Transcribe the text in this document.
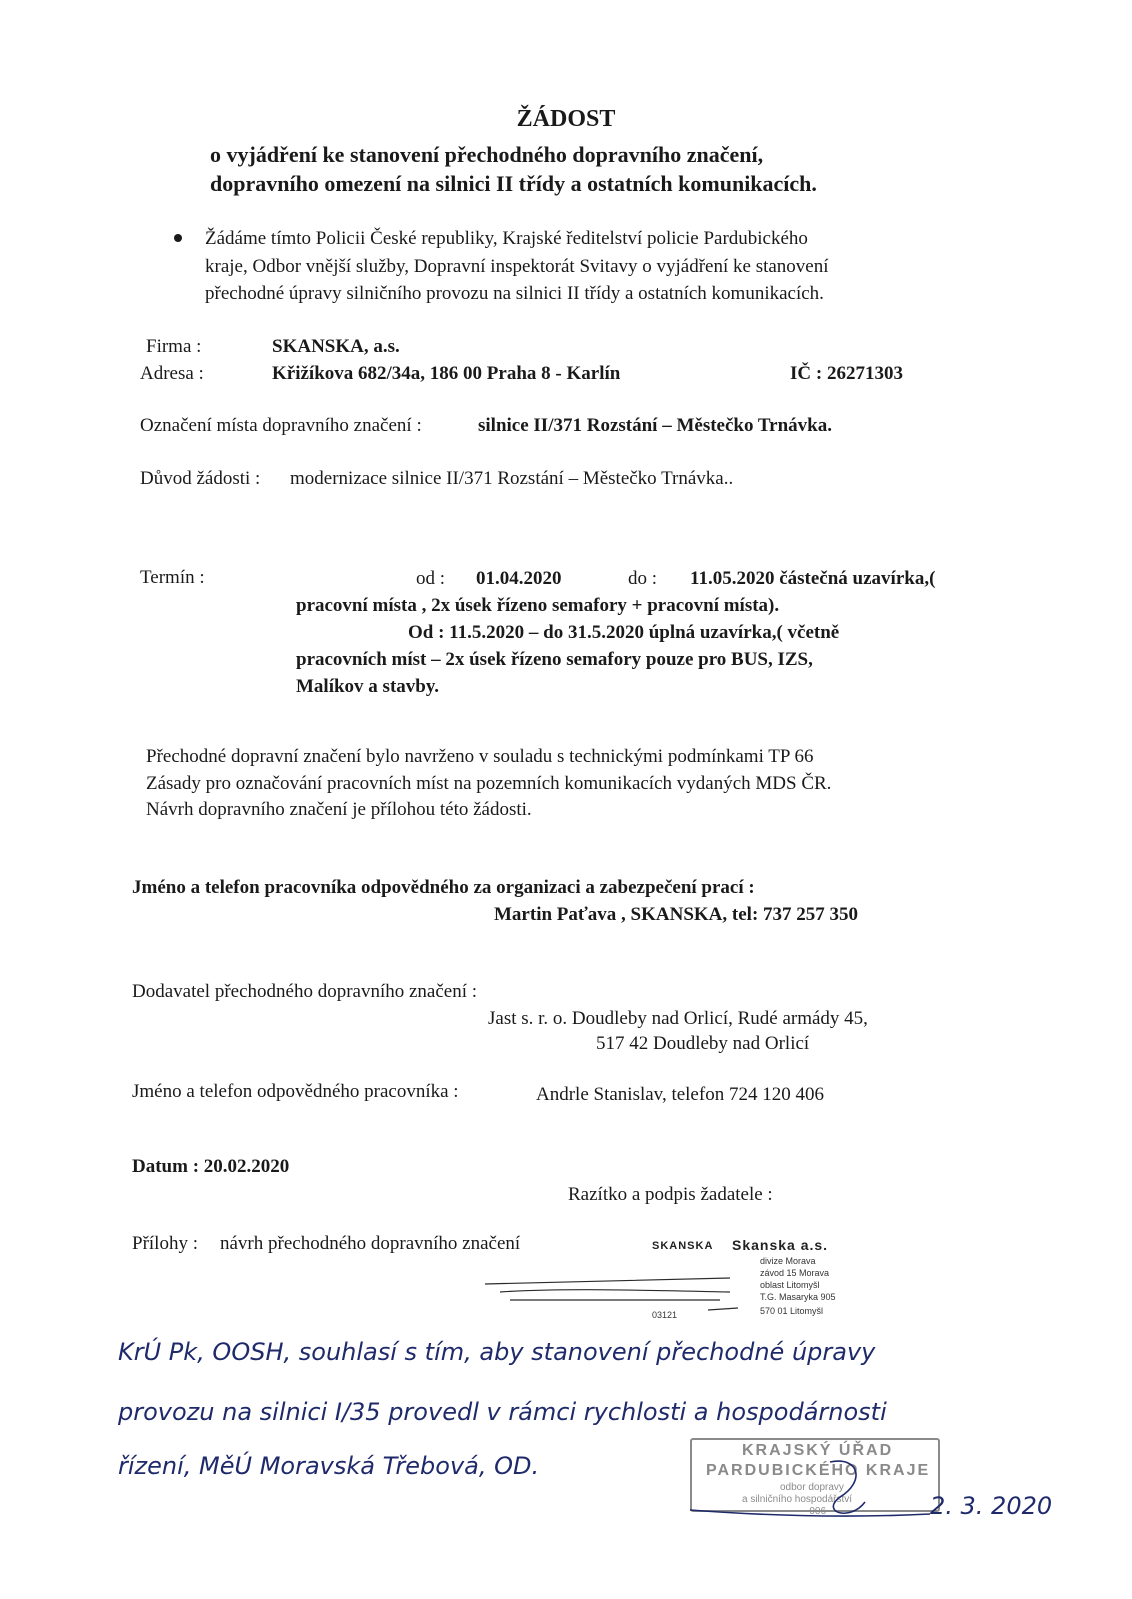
ŽÁDOST
o vyjádření ke stanovení přechodného dopravního značení,
dopravního omezení na silnici II třídy a ostatních komunikacích.
Žádáme tímto Policii České republiky, Krajské ředitelství policie Pardubického
kraje, Odbor vnější služby, Dopravní inspektorát Svitavy o vyjádření ke stanovení
přechodné úpravy silničního provozu na silnici II třídy a ostatních komunikacích.
Firma :	SKANSKA, a.s.
Adresa :	Křižíkova 682/34a, 186 00 Praha 8 - Karlín	IČ : 26271303
Označení místa dopravního značení :	silnice II/371 Rozstání – Městečko Trnávka.
Důvod žádosti : modernizace silnice II/371 Rozstání – Městečko Trnávka..
Termín :	od : 01.04.2020	do : 11.05.2020 částečná uzavírka,(
pracovní místa , 2x úsek řízeno semafory + pracovní místa).
Od : 11.5.2020 – do 31.5.2020 úplná uzavírka,( včetně
pracovních míst – 2x úsek řízeno semafory pouze pro BUS, IZS,
Malíkov a stavby.
Přechodné dopravní značení bylo navrženo v souladu s technickými podmínkami TP 66
Zásady pro označování pracovních míst na pozemních komunikacích vydaných MDS ČR.
Návrh dopravního značení je přílohou této žádosti.
Jméno a telefon pracovníka odpovědného za organizaci a zabezpečení prací :
Martin Paťava , SKANSKA, tel: 737 257 350
Dodavatel přechodného dopravního značení :
Jast s. r. o. Doudleby nad Orlicí, Rudé armády 45,
517 42 Doudleby nad Orlicí
Jméno a telefon odpovědného pracovníka :	Andrle Stanislav, telefon 724 120 406
Datum : 20.02.2020
Razítko a podpis žadatele :
Přílohy : návrh přechodného dopravního značení	SKANSKA Skanska a.s.
divize Morava
závod 15 Morava
oblast Litomyšl
T.G. Masaryka 905
570 01 Litomyšl
03121
KrÚ Pk, OOSH, souhlasí s tím, aby stanovení přechodné úpravy
provozu na silnici I/35 provedl v rámci rychlosti a hospodárnosti
řízení, MěÚ Moravská Třebová, OD.
KRAJSKÝ ÚŘAD
PARDUBICKÉHO KRAJE
odbor dopravy
a silničního hospodářství
-006-	2. 3. 2020
